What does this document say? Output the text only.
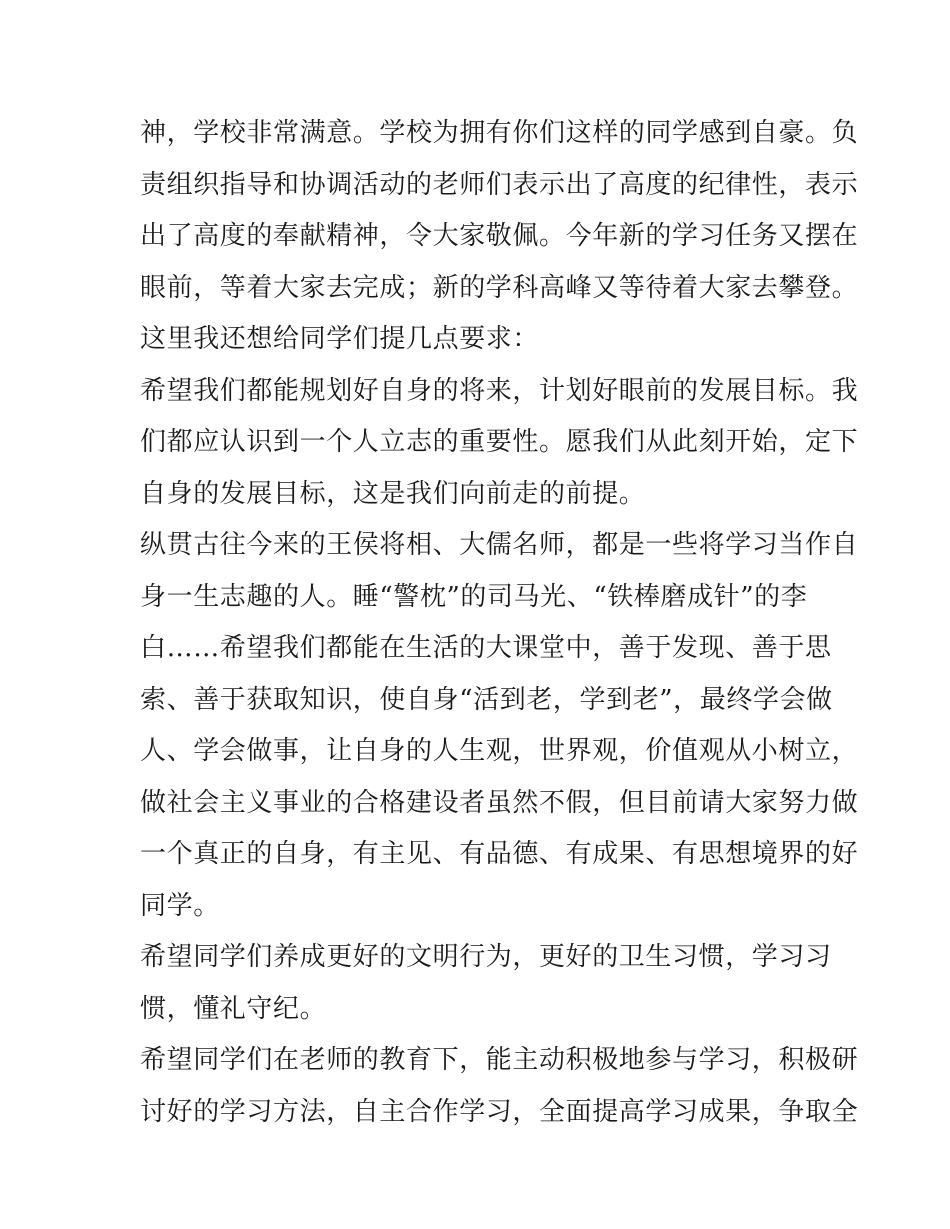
神，学校非常满意。学校为拥有你们这样的同学感到自豪。负
责组织指导和协调活动的老师们表示出了高度的纪律性，表示
出了高度的奉献精神，令大家敬佩。今年新的学习任务又摆在
眼前，等着大家去完成；新的学科高峰又等待着大家去攀登。
这里我还想给同学们提几点要求：
希望我们都能规划好自身的将来，计划好眼前的发展目标。我
们都应认识到一个人立志的重要性。愿我们从此刻开始，定下
自身的发展目标，这是我们向前走的前提。
纵贯古往今来的王侯将相、大儒名师，都是一些将学习当作自
身一生志趣的人。睡“警枕”的司马光、“铁棒磨成针”的李
白……希望我们都能在生活的大课堂中，善于发现、善于思
索、善于获取知识，使自身“活到老，学到老”，最终学会做
人、学会做事，让自身的人生观，世界观，价值观从小树立，
做社会主义事业的合格建设者虽然不假，但目前请大家努力做
一个真正的自身，有主见、有品德、有成果、有思想境界的好
同学。
希望同学们养成更好的文明行为，更好的卫生习惯，学习习
惯，懂礼守纪。
希望同学们在老师的教育下，能主动积极地参与学习，积极研
讨好的学习方法，自主合作学习，全面提高学习成果，争取全
